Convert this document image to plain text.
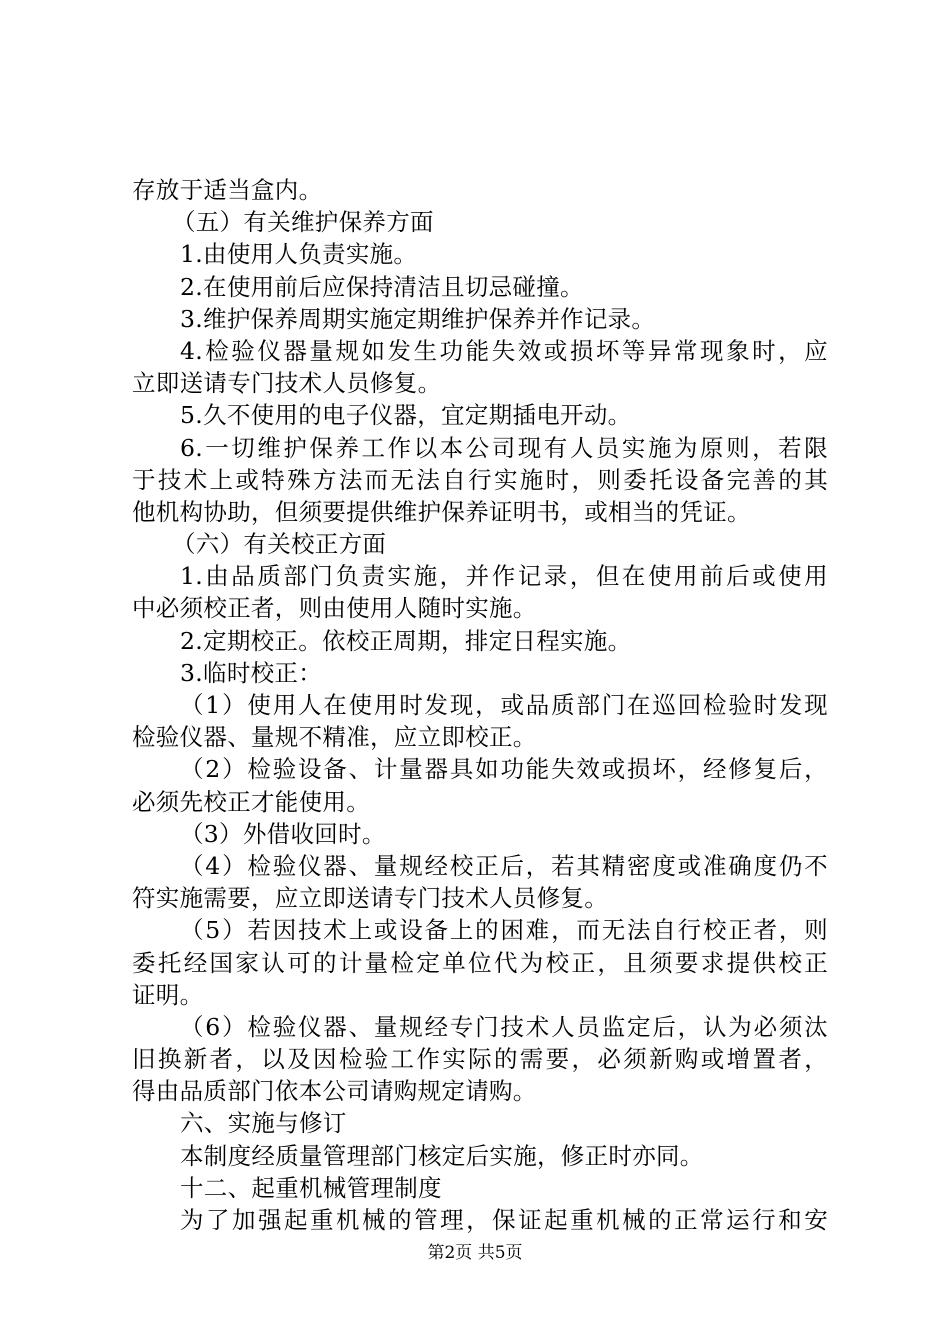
存放于适当盒内。
（五）有关维护保养方面
1.由使用人负责实施。
2.在使用前后应保持清洁且切忌碰撞。
3.维护保养周期实施定期维护保养并作记录。
4.检验仪器量规如发生功能失效或损坏等异常现象时，应
立即送请专门技术人员修复。
5.久不使用的电子仪器，宜定期插电开动。
6.一切维护保养工作以本公司现有人员实施为原则，若限
于技术上或特殊方法而无法自行实施时，则委托设备完善的其
他机构协助，但须要提供维护保养证明书，或相当的凭证。
（六）有关校正方面
1.由品质部门负责实施，并作记录，但在使用前后或使用
中必须校正者，则由使用人随时实施。
2.定期校正。依校正周期，排定日程实施。
3.临时校正：
（1）使用人在使用时发现，或品质部门在巡回检验时发现
检验仪器、量规不精准，应立即校正。
（2）检验设备、计量器具如功能失效或损坏，经修复后，
必须先校正才能使用。
（3）外借收回时。
（4）检验仪器、量规经校正后，若其精密度或准确度仍不
符实施需要，应立即送请专门技术人员修复。
（5）若因技术上或设备上的困难，而无法自行校正者，则
委托经国家认可的计量检定单位代为校正，且须要求提供校正
证明。
（6）检验仪器、量规经专门技术人员监定后，认为必须汰
旧换新者，以及因检验工作实际的需要，必须新购或增置者，
得由品质部门依本公司请购规定请购。
六、实施与修订
本制度经质量管理部门核定后实施，修正时亦同。
十二、起重机械管理制度
为了加强起重机械的管理，保证起重机械的正常运行和安
第2页 共5页
